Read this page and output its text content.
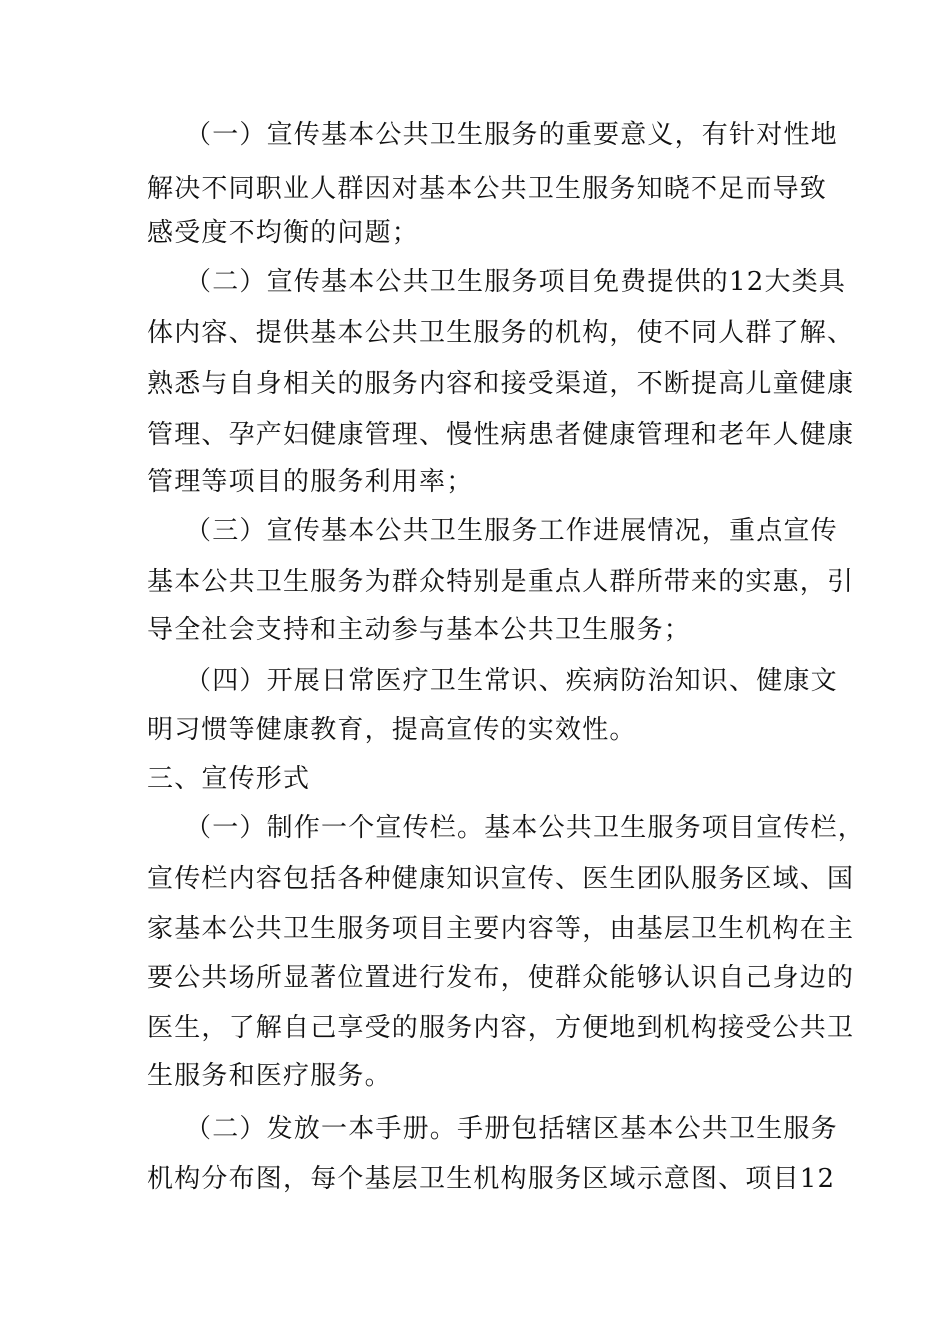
（一）宣传基本公共卫生服务的重要意义，有针对性地
解决不同职业人群因对基本公共卫生服务知晓不足而导致
感受度不均衡的问题；
（二）宣传基本公共卫生服务项目免费提供的12大类具
体内容、提供基本公共卫生服务的机构，使不同人群了解、
熟悉与自身相关的服务内容和接受渠道，不断提高儿童健康
管理、孕产妇健康管理、慢性病患者健康管理和老年人健康
管理等项目的服务利用率；
（三）宣传基本公共卫生服务工作进展情况，重点宣传
基本公共卫生服务为群众特别是重点人群所带来的实惠，引
导全社会支持和主动参与基本公共卫生服务；
（四）开展日常医疗卫生常识、疾病防治知识、健康文
明习惯等健康教育，提高宣传的实效性。
三、宣传形式
（一）制作一个宣传栏。基本公共卫生服务项目宣传栏，
宣传栏内容包括各种健康知识宣传、医生团队服务区域、国
家基本公共卫生服务项目主要内容等，由基层卫生机构在主
要公共场所显著位置进行发布，使群众能够认识自己身边的
医生，了解自己享受的服务内容，方便地到机构接受公共卫
生服务和医疗服务。
（二）发放一本手册。手册包括辖区基本公共卫生服务
机构分布图，每个基层卫生机构服务区域示意图、项目12
